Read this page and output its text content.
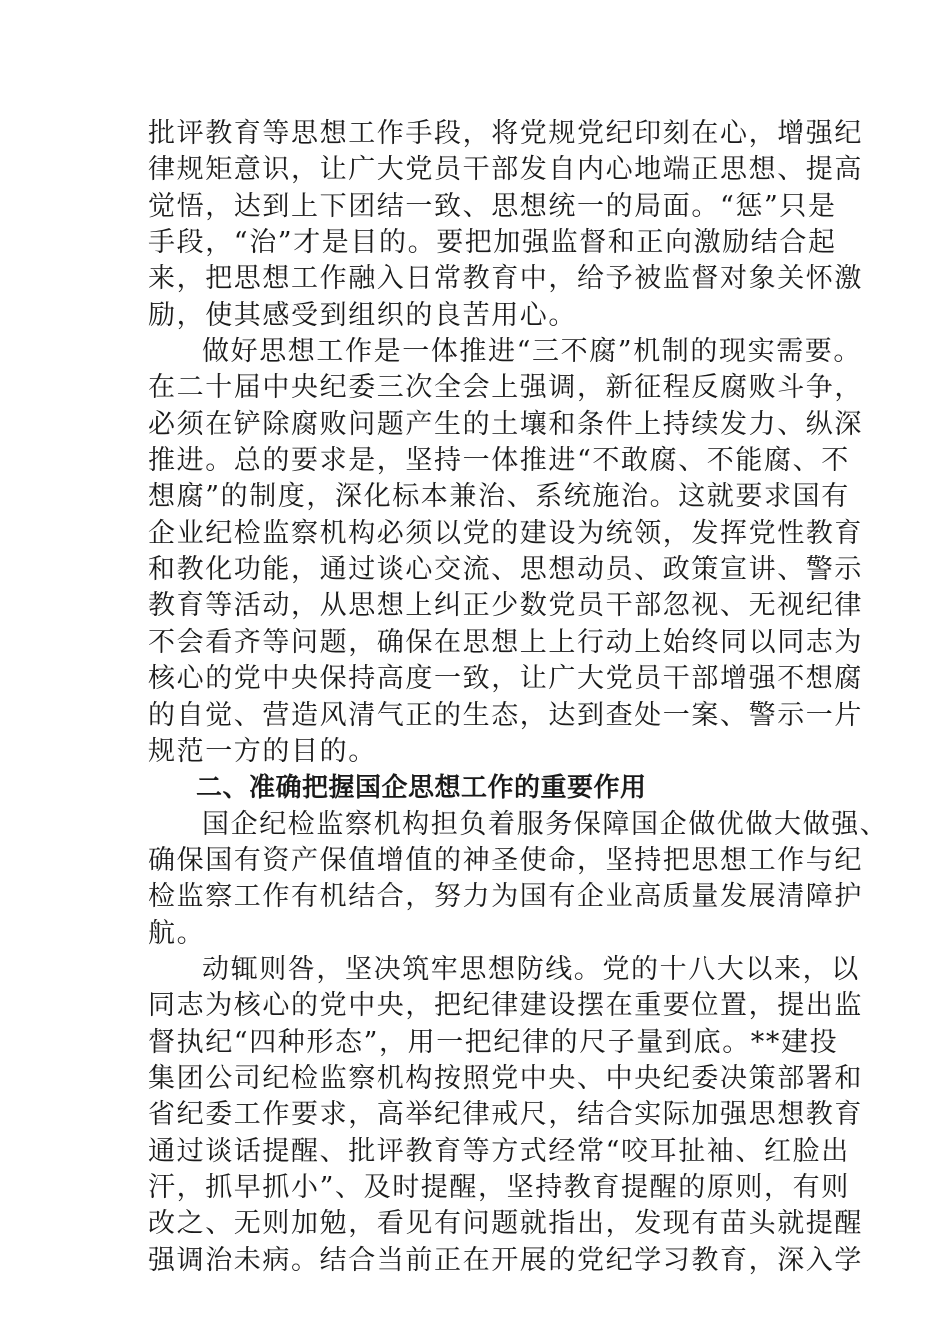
批评教育等思想工作手段，将党规党纪印刻在心，增强纪
律规矩意识，让广大党员干部发自内心地端正思想、提高
觉悟，达到上下团结一致、思想统一的局面。“惩”只是
手段，“治”才是目的。要把加强监督和正向激励结合起
来，把思想工作融入日常教育中，给予被监督对象关怀激
励，使其感受到组织的良苦用心。
做好思想工作是一体推进“三不腐”机制的现实需要。
在二十届中央纪委三次全会上强调，新征程反腐败斗争，
必须在铲除腐败问题产生的土壤和条件上持续发力、纵深
推进。总的要求是，坚持一体推进“不敢腐、不能腐、不
想腐”的制度，深化标本兼治、系统施治。这就要求国有
企业纪检监察机构必须以党的建设为统领，发挥党性教育
和教化功能，通过谈心交流、思想动员、政策宣讲、警示
教育等活动，从思想上纠正少数党员干部忽视、无视纪律
不会看齐等问题，确保在思想上上行动上始终同以同志为
核心的党中央保持高度一致，让广大党员干部增强不想腐
的自觉、营造风清气正的生态，达到查处一案、警示一片
规范一方的目的。
二、准确把握国企思想工作的重要作用
国企纪检监察机构担负着服务保障国企做优做大做强、
确保国有资产保值增值的神圣使命，坚持把思想工作与纪
检监察工作有机结合，努力为国有企业高质量发展清障护
航。
动辄则咎，坚决筑牢思想防线。党的十八大以来，以
同志为核心的党中央，把纪律建设摆在重要位置，提出监
督执纪“四种形态”，用一把纪律的尺子量到底。**建投
集团公司纪检监察机构按照党中央、中央纪委决策部署和
省纪委工作要求，高举纪律戒尺，结合实际加强思想教育
通过谈话提醒、批评教育等方式经常“咬耳扯袖、红脸出
汗，抓早抓小”、及时提醒，坚持教育提醒的原则，有则
改之、无则加勉，看见有问题就指出，发现有苗头就提醒
强调治未病。结合当前正在开展的党纪学习教育，深入学
